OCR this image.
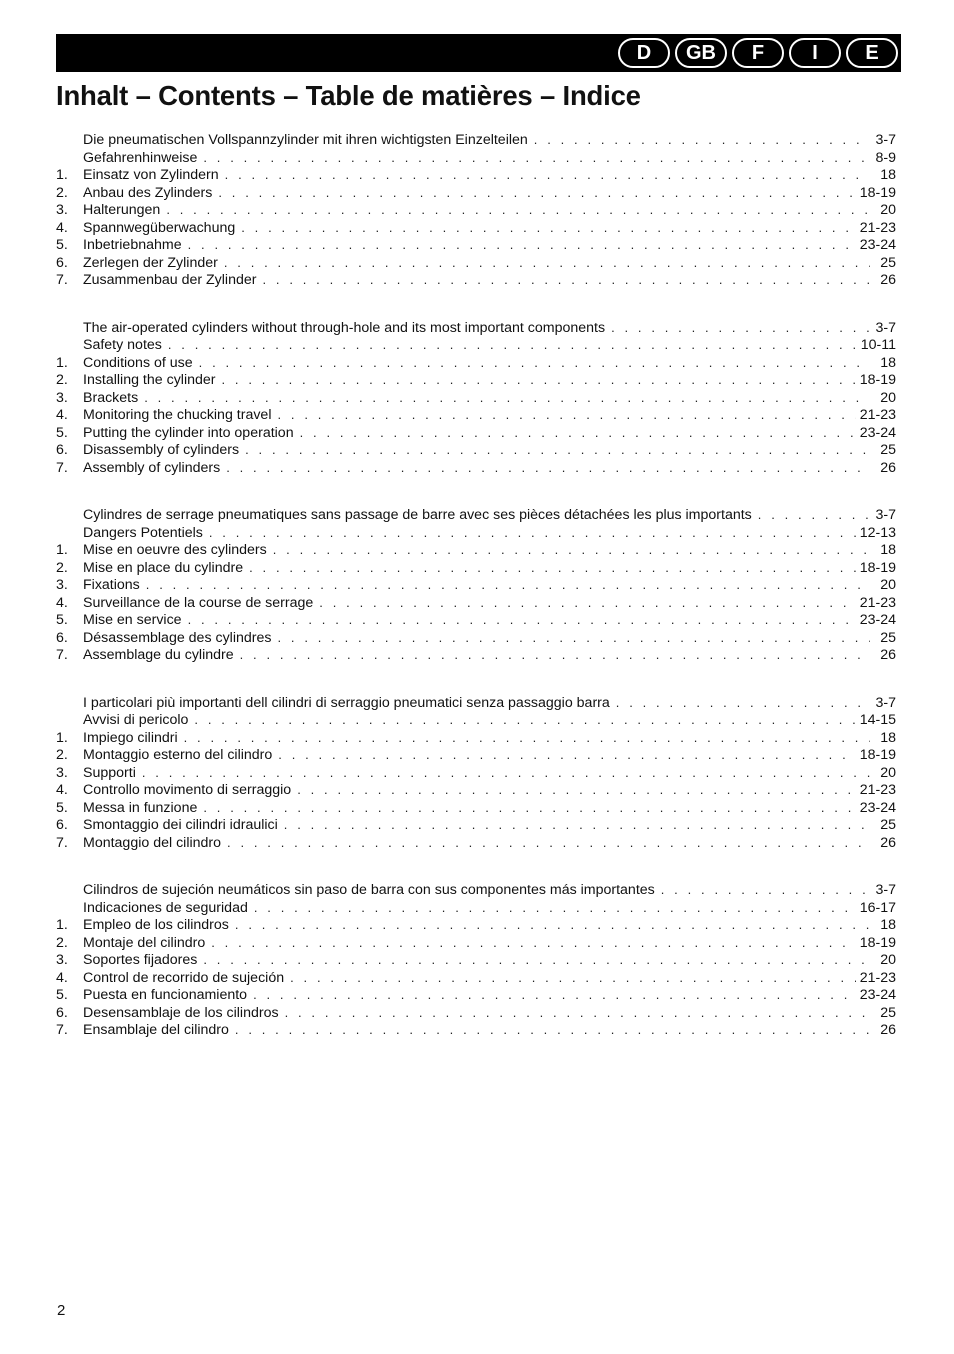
D	GB	F	I	E
Inhalt – Contents – Table de matières – Indice
Die pneumatischen Vollspannzylinder mit ihren wichtigsten Einzelteilen . . .	3-7
Gefahrenhinweise . . .	8-9
1.	Einsatz von Zylindern . . .	18
2.	Anbau des Zylinders . . .	18-19
3.	Halterungen . . .	20
4.	Spannwegüberwachung . . .	21-23
5.	Inbetriebnahme . . .	23-24
6.	Zerlegen der Zylinder . . .	25
7.	Zusammenbau der Zylinder . . .	26
The air-operated cylinders without through-hole and its most important components . . .	3-7
Safety notes . . .	10-11
1.	Conditions of use . . .	18
2.	Installing the cylinder . . .	18-19
3.	Brackets . . .	20
4.	Monitoring the chucking travel . . .	21-23
5.	Putting the cylinder into operation . . .	23-24
6.	Disassembly of cylinders . . .	25
7.	Assembly of cylinders . . .	26
Cylindres de serrage pneumatiques sans passage de barre avec ses pièces détachées les plus importants . . .	3-7
Dangers Potentiels . . .	12-13
1.	Mise en oeuvre des cylinders . . .	18
2.	Mise en place du cylindre . . .	18-19
3.	Fixations . . .	20
4.	Surveillance de la course de serrage . . .	21-23
5.	Mise en service . . .	23-24
6.	Désassemblage des cylindres . . .	25
7.	Assemblage du cylindre . . .	26
I particolari più importanti dell cilindri di serraggio pneumatici senza passaggio barra . . .	3-7
Avvisi di pericolo . . .	14-15
1.	Impiego cilindri . . .	18
2.	Montaggio esterno del cilindro . . .	18-19
3.	Supporti . . .	20
4.	Controllo movimento di serraggio . . .	21-23
5.	Messa in funzione . . .	23-24
6.	Smontaggio dei cilindri idraulici . . .	25
7.	Montaggio del cilindro . . .	26
Cilindros de sujeción neumáticos sin paso de barra con sus componentes más importantes . . .	3-7
Indicaciones de seguridad . . .	16-17
1.	Empleo de los cilindros . . .	18
2.	Montaje del cilindro . . .	18-19
3.	Soportes fijadores . . .	20
4.	Control de recorrido de sujeción . . .	21-23
5.	Puesta en funcionamiento . . .	23-24
6.	Desensamblaje de los cilindros . . .	25
7.	Ensamblaje del cilindro . . .	26
2
